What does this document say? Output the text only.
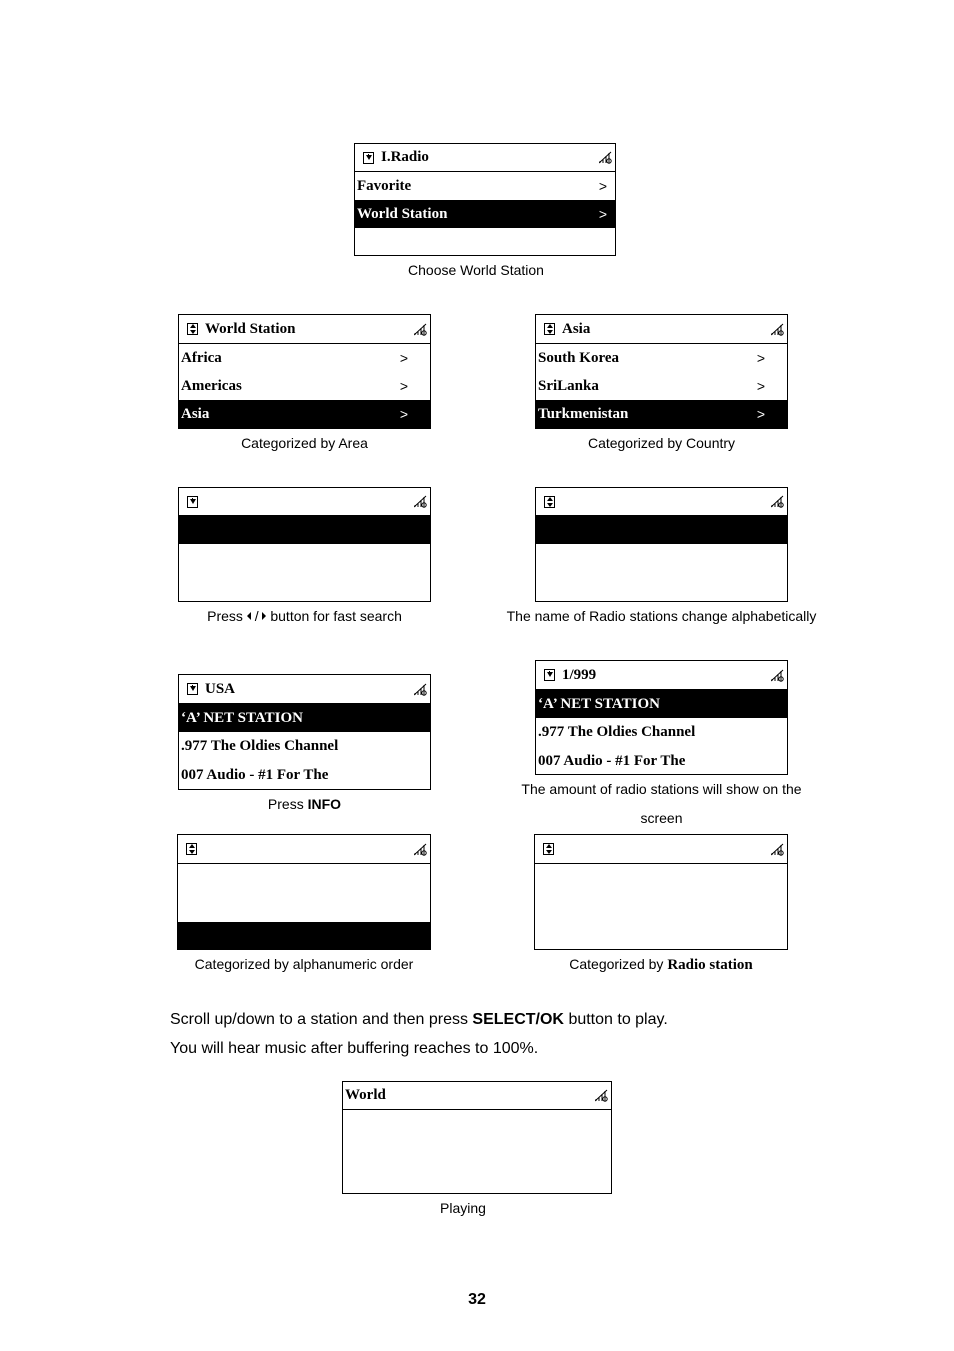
I.Radio
Favorite	>
World Station	>
Choose World Station
World Station
Africa	>
Americas	>
Asia	>
Categorized by Area
Asia
South Korea	>
SriLanka	>
Turkmenistan	>
Categorized by Country
Press / button for fast search	The name of Radio stations change alphabetically
USA
‘A’ NET STATION
.977 The Oldies Channel
007 Audio - #1 For The
Press INFO
1/999
‘A’ NET STATION
.977 The Oldies Channel
007 Audio - #1 For The
The amount of radio stations will show on the
screen
Categorized by alphanumeric order	Categorized by Radio station
Scroll up/down to a station and then press SELECT/OK button to play.
You will hear music after buffering reaches to 100%.
World
Playing
32
